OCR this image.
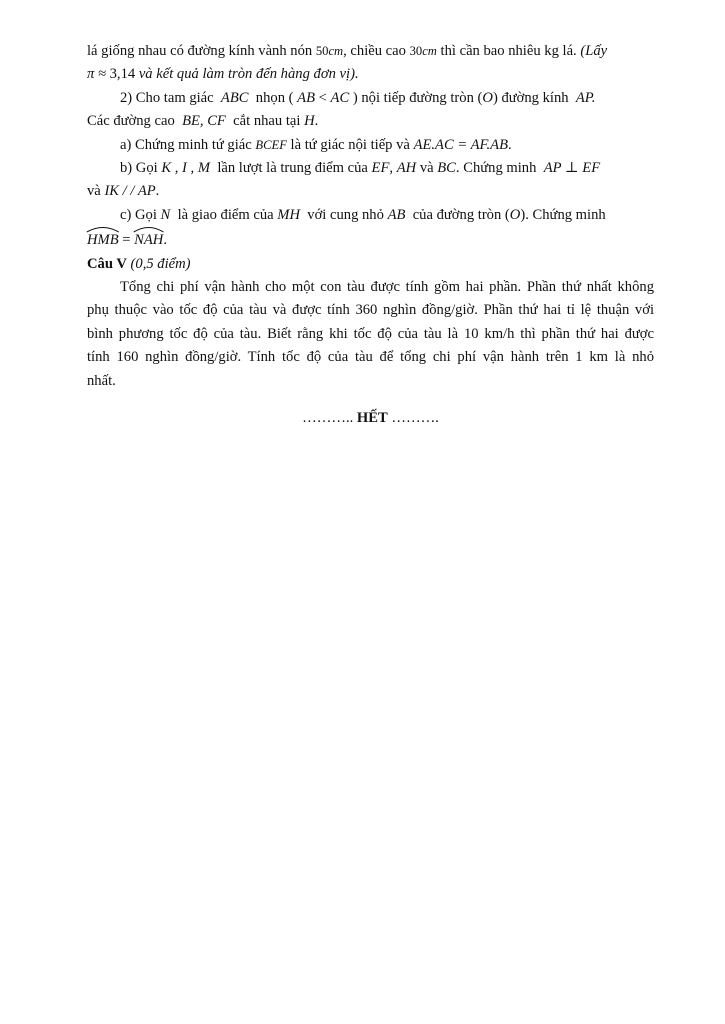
lá giống nhau có đường kính vành nón 50cm, chiều cao 30cm thì cần bao nhiêu kg lá. (Lấy
π ≈ 3,14 và kết quả làm tròn đến hàng đơn vị).
2) Cho tam giác ABC nhọn ( AB < AC ) nội tiếp đường tròn (O) đường kính AP.
Các đường cao BE, CF cắt nhau tại H.
a) Chứng minh tứ giác BCEF là tứ giác nội tiếp và AE.AC = AF.AB.
b) Gọi K , I , M lần lượt là trung điểm của EF, AH và BC. Chứng minh AP ⊥ EF
và IK / / AP.
c) Gọi N là giao điểm của MH với cung nhỏ AB của đường tròn (O). Chứng minh
HMB =
NAH.
Câu V (0,5 điểm)
Tổng chi phí vận hành cho một con tàu được tính gồm hai phần. Phần thứ nhất không
phụ thuộc vào tốc độ của tàu và được tính 360 nghìn đồng/giờ. Phần thứ hai tỉ lệ thuận với
bình phương tốc độ của tàu. Biết rằng khi tốc độ của tàu là 10 km/h thì phần thứ hai được
tính 160 nghìn đồng/giờ. Tính tốc độ của tàu để tổng chi phí vận hành trên 1 km là nhỏ
nhất.
……….. HẾT ……….
